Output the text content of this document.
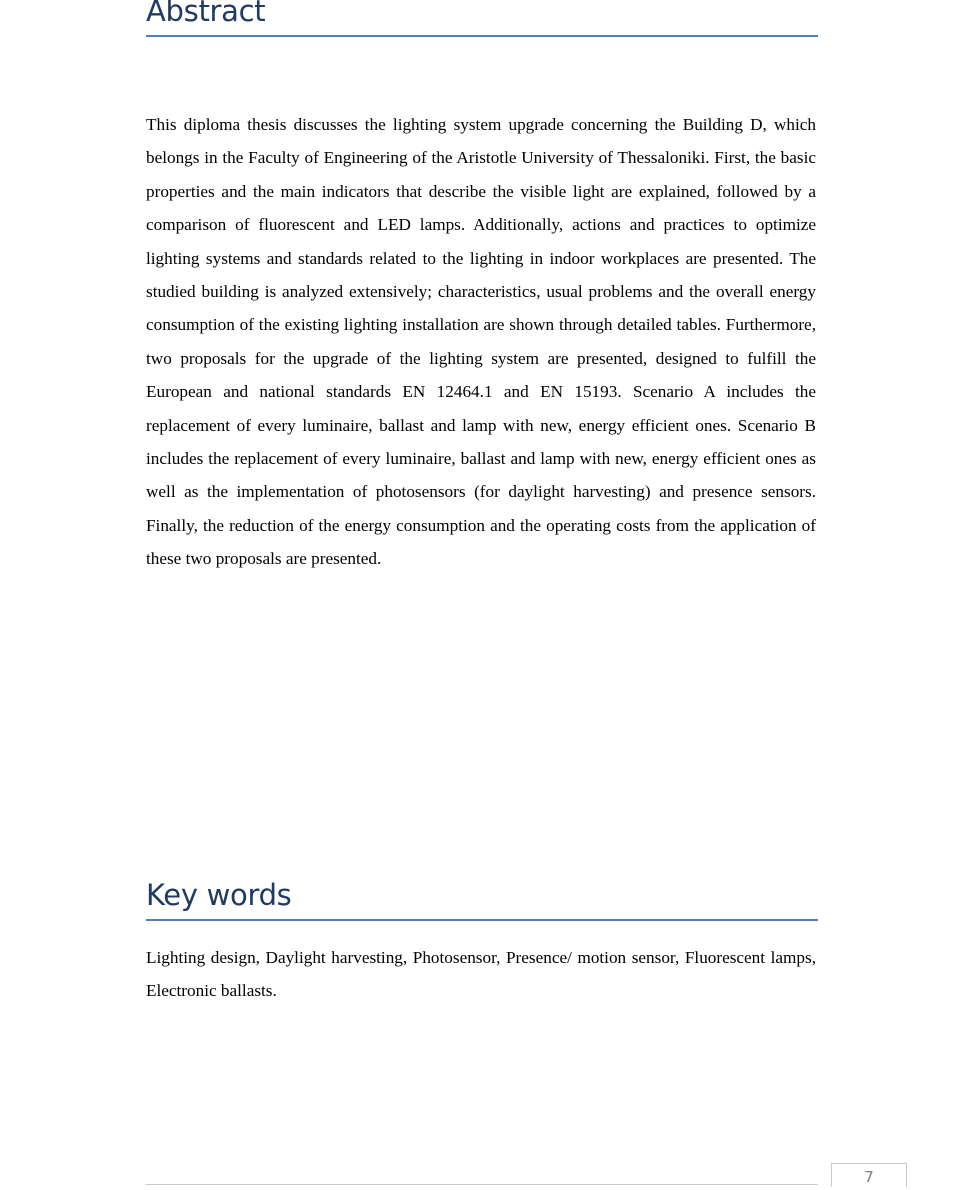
Abstract

This diploma thesis discusses the lighting system upgrade concerning the Building D, which belongs in the Faculty of Engineering of the Aristotle University of Thessaloniki. First, the basic properties and the main indicators that describe the visible light are explained, followed by a comparison of fluorescent and LED lamps. Additionally, actions and practices to optimize lighting systems and standards related to the lighting in indoor workplaces are presented. The studied building is analyzed extensively; characteristics, usual problems and the overall energy consumption of the existing lighting installation are shown through detailed tables. Furthermore, two proposals for the upgrade of the lighting system are presented, designed to fulfill the European and national standards EN 12464.1 and EN 15193. Scenario A includes the replacement of every luminaire, ballast and lamp with new, energy efficient ones. Scenario B includes the replacement of every luminaire, ballast and lamp with new, energy efficient ones as well as the implementation of photosensors (for daylight harvesting) and presence sensors. Finally, the reduction of the energy consumption and the operating costs from the application of these two proposals are presented.

Key words

Lighting design, Daylight harvesting, Photosensor, Presence/ motion sensor, Fluorescent lamps, Electronic ballasts.

7
